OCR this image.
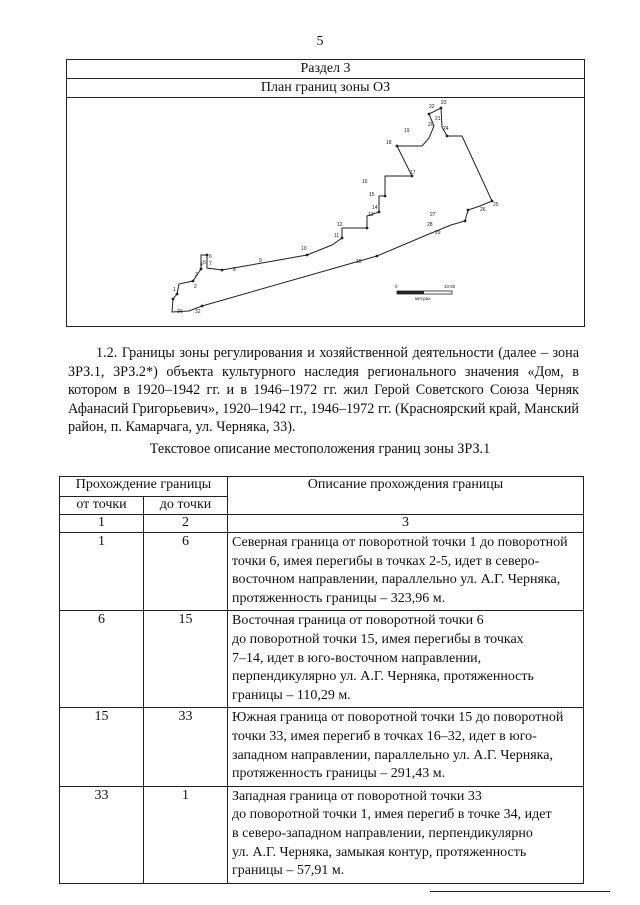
5
Раздел 3
План границ зоны ОЗ
1	2
3
4 5
6
7
8
9
10
11
12
13
14
15
16
17
18
19
20
21
22
23
24
25
26
27
28
29
30
31 32
0	10.00
мет.рах

1.2. Границы зоны регулирования и хозяйственной деятельности (далее – зона ЗРЗ.1, ЗРЗ.2*) объекта культурного наследия регионального значения «Дом, в котором в 1920–1942 гг. и в 1946–1972 гг. жил Герой Советского Союза Черняк Афанасий Григорьевич», 1920–1942 гг., 1946–1972 гг. (Красноярский край, Манский район, п. Камарчага, ул. Черняка, 33).

Текстовое описание местоположения границ зоны ЗРЗ.1
Прохождение границы		Описание прохождения границы
от точки	до точки	
1	2	3
1	6	Северная граница от поворотной точки 1 до поворотной
точки 6, имея перегибы в точках 2-5, идет в северо-
восточном направлении, параллельно ул. А.Г. Черняка,
протяженность границы – 323,96 м.

6	15	Восточная граница от поворотной точки 6
до поворотной точки 15, имея перегибы в точках
7–14, идет в юго-восточном направлении,
перпендикулярно ул. А.Г. Черняка, протяженность
границы – 110,29 м.

15	33	Южная граница от поворотной точки 15 до поворотной
точки 33, имея перегиб в точках 16–32, идет в юго-
западном направлении, параллельно ул. А.Г. Черняка,
протяженность границы – 291,43 м.

33	1	Западная граница от поворотной точки 33
до поворотной точки 1, имея перегиб в точке 34, идет
в северо-западном направлении, перпендикулярно
ул. А.Г. Черняка, замыкая контур, протяженность
границы – 57,91 м.
